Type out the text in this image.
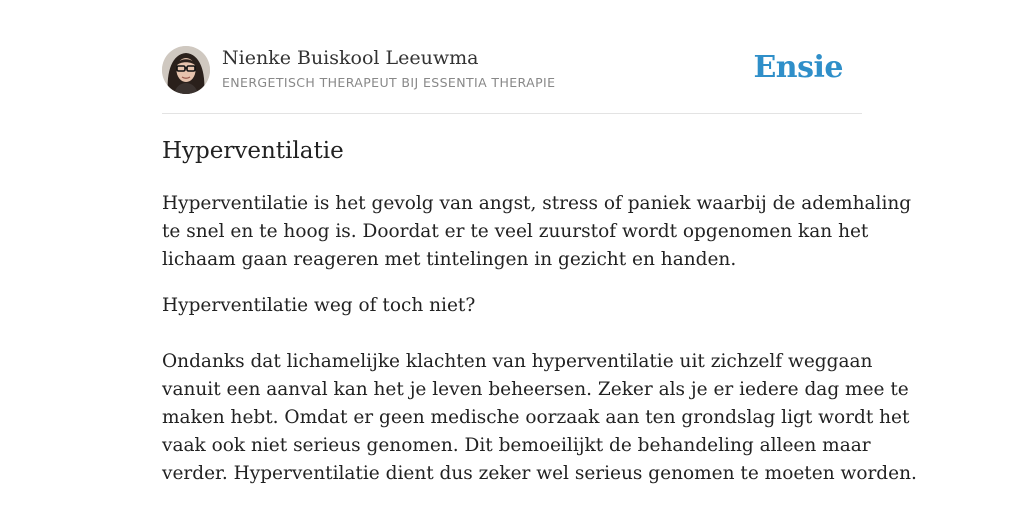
Nienke Buiskool Leeuwma
ENERGETISCH THERAPEUT BIJ ESSENTIA THERAPIE	Ensie
Hyperventilatie

Hyperventilatie is het gevolg van angst, stress of paniek waarbij de ademhaling
te snel en te hoog is. Doordat er te veel zuurstof wordt opgenomen kan het
lichaam gaan reageren met tintelingen in gezicht en handen.

Hyperventilatie weg of toch niet?

Ondanks dat lichamelijke klachten van hyperventilatie uit zichzelf weggaan
vanuit een aanval kan het je leven beheersen. Zeker als je er iedere dag mee te
maken hebt. Omdat er geen medische oorzaak aan ten grondslag ligt wordt het
vaak ook niet serieus genomen. Dit bemoeilijkt de behandeling alleen maar
verder. Hyperventilatie dient dus zeker wel serieus genomen te moeten worden.
